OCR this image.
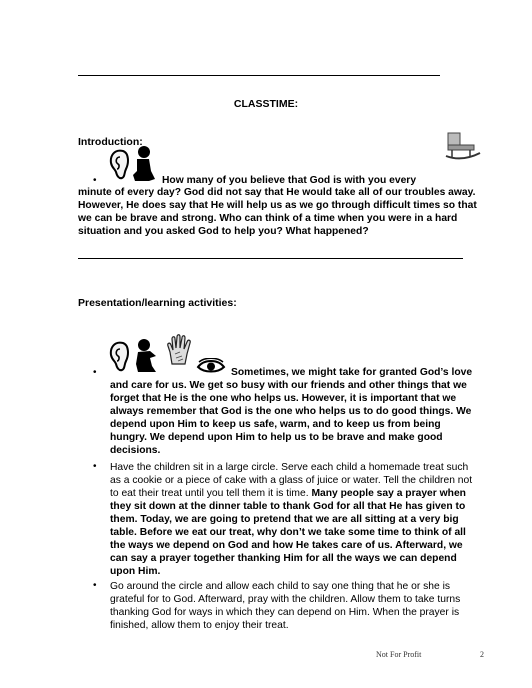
CLASSTIME:
Introduction:
•	How many of you believe that God is with you every
minute of every day? God did not say that He would take all of our troubles away.
However, He does say that He will help us as we go through difficult times so that
we can be brave and strong. Who can think of a time when you were in a hard
situation and you asked God to help you? What happened?
Presentation/learning activities:
•	Sometimes, we might take for granted God’s love
and care for us. We get so busy with our friends and other things that we
forget that He is the one who helps us. However, it is important that we
always remember that God is the one who helps us to do good things. We
depend upon Him to keep us safe, warm, and to keep us from being
hungry. We depend upon Him to help us to be brave and make good
decisions.
• Have the children sit in a large circle. Serve each child a homemade treat such
as a cookie or a piece of cake with a glass of juice or water. Tell the children not
to eat their treat until you tell them it is time. Many people say a prayer when
they sit down at the dinner table to thank God for all that He has given to
them. Today, we are going to pretend that we are all sitting at a very big
table. Before we eat our treat, why don’t we take some time to think of all
the ways we depend on God and how He takes care of us. Afterward, we
can say a prayer together thanking Him for all the ways we can depend
upon Him.
• Go around the circle and allow each child to say one thing that he or she is
grateful for to God. Afterward, pray with the children. Allow them to take turns
thanking God for ways in which they can depend on Him. When the prayer is
finished, allow them to enjoy their treat.
Not For Profit	2
